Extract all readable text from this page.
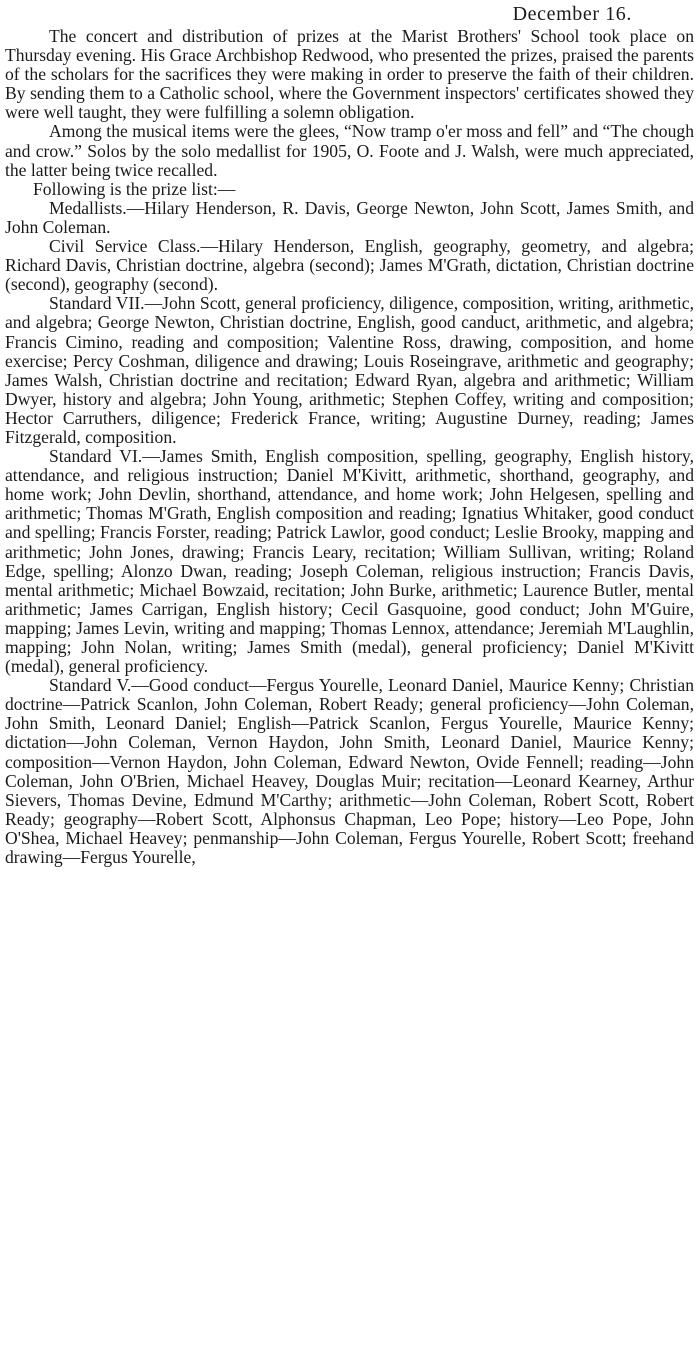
December 16.

The concert and distribution of prizes at the Marist Brothers' School took place on Thursday evening. His Grace Archbishop Redwood, who presented the prizes, praised the parents of the scholars for the sacrifices they were making in order to preserve the faith of their children. By sending them to a Catholic school, where the Government inspectors' certificates showed they were well taught, they were fulfilling a solemn obligation.

Among the musical items were the glees, “Now tramp o'er moss and fell” and “The chough and crow.” Solos by the solo medallist for 1905, O. Foote and J. Walsh, were much appreciated, the latter being twice recalled.

Following is the prize list:—

Medallists.—Hilary Henderson, R. Davis, George Newton, John Scott, James Smith, and John Coleman.

Civil Service Class.—Hilary Henderson, English, geography, geometry, and algebra; Richard Davis, Christian doctrine, algebra (second); James M'Grath, dictation, Christian doctrine (second), geography (second).

Standard VII.—John Scott, general proficiency, diligence, composition, writing, arithmetic, and algebra; George Newton, Christian doctrine, English, good canduct, arithmetic, and algebra; Francis Cimino, reading and composition; Valentine Ross, drawing, composition, and home exercise; Percy Coshman, diligence and drawing; Louis Roseingrave, arithmetic and geography; James Walsh, Christian doctrine and recitation; Edward Ryan, algebra and arithmetic; William Dwyer, history and algebra; John Young, arithmetic; Stephen Coffey, writing and composition; Hector Carruthers, diligence; Frederick France, writing; Augustine Durney, reading; James Fitzgerald, composition.

Standard VI.—James Smith, English composition, spelling, geography, English history, attendance, and religious instruction; Daniel M'Kivitt, arithmetic, shorthand, geography, and home work; John Devlin, shorthand, attendance, and home work; John Helgesen, spelling and arithmetic; Thomas M'Grath, English composition and reading; Ignatius Whitaker, good conduct and spelling; Francis Forster, reading; Patrick Lawlor, good conduct; Leslie Brooky, mapping and arithmetic; John Jones, drawing; Francis Leary, recitation; William Sullivan, writing; Roland Edge, spelling; Alonzo Dwan, reading; Joseph Coleman, religious instruction; Francis Davis, mental arithmetic; Michael Bowzaid, recitation; John Burke, arithmetic; Laurence Butler, mental arithmetic; James Carrigan, English history; Cecil Gasquoine, good conduct; John M'Guire, mapping; James Levin, writing and mapping; Thomas Lennox, attendance; Jeremiah M'Laughlin, mapping; John Nolan, writing; James Smith (medal), general proficiency; Daniel M'Kivitt (medal), general proficiency.

Standard V.—Good conduct—Fergus Yourelle, Leonard Daniel, Maurice Kenny; Christian doctrine—Patrick Scanlon, John Coleman, Robert Ready; general proficiency—John Coleman, John Smith, Leonard Daniel; English—Patrick Scanlon, Fergus Yourelle, Maurice Kenny; dictation—John Coleman, Vernon Haydon, John Smith, Leonard Daniel, Maurice Kenny; composition—Vernon Haydon, John Coleman, Edward Newton, Ovide Fennell; reading—John Coleman, John O'Brien, Michael Heavey, Douglas Muir; recitation—Leonard Kearney, Arthur Sievers, Thomas Devine, Edmund M'Carthy; arithmetic—John Coleman, Robert Scott, Robert Ready; geography—Robert Scott, Alphonsus Chapman, Leo Pope; history—Leo Pope, John O'Shea, Michael Heavey; penmanship—John Coleman, Fergus Yourelle, Robert Scott; freehand drawing—Fergus Yourelle,
